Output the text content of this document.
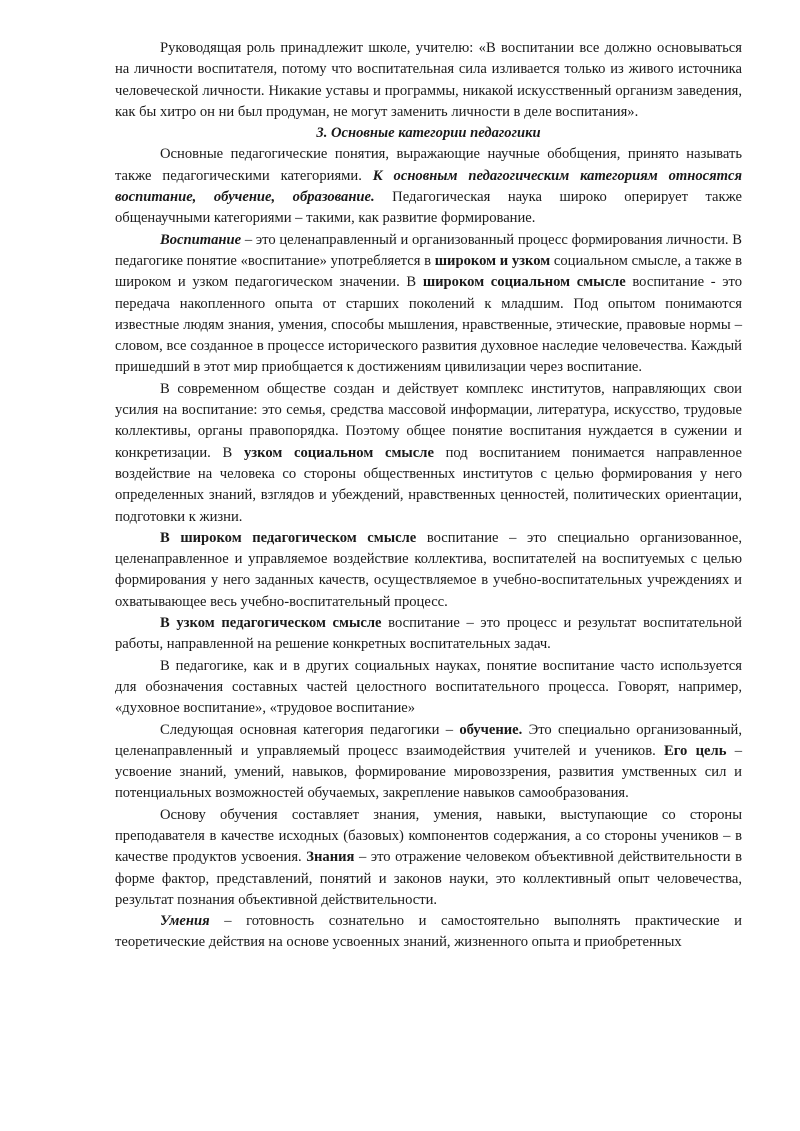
Руководящая роль принадлежит школе, учителю: «В воспитании все должно основываться на личности воспитателя, потому что воспитательная сила изливается только из живого источника человеческой личности. Никакие уставы и программы, никакой искусственный организм заведения, как бы хитро он ни был продуман, не могут заменить личности в деле воспитания».

3. Основные категории педагогики

Основные педагогические понятия, выражающие научные обобщения, принято называть также педагогическими категориями. К основным педагогическим категориям относятся воспитание, обучение, образование. Педагогическая наука широко оперирует также общенаучными категориями – такими, как развитие формирование.

Воспитание – это целенаправленный и организованный процесс формирования личности. В педагогике понятие «воспитание» употребляется в широком и узком социальном смысле, а также в широком и узком педагогическом значении. В широком социальном смысле воспитание - это передача накопленного опыта от старших поколений к младшим. Под опытом понимаются известные людям знания, умения, способы мышления, нравственные, этические, правовые нормы – словом, все созданное в процессе исторического развития духовное наследие человечества. Каждый пришедший в этот мир приобщается к достижениям цивилизации через воспитание.

В современном обществе создан и действует комплекс институтов, направляющих свои усилия на воспитание: это семья, средства массовой информации, литература, искусство, трудовые коллективы, органы правопорядка. Поэтому общее понятие воспитания нуждается в сужении и конкретизации. В узком социальном смысле под воспитанием понимается направленное воздействие на человека со стороны общественных институтов с целью формирования у него определенных знаний, взглядов и убеждений, нравственных ценностей, политических ориентации, подготовки к жизни.

В широком педагогическом смысле воспитание – это специально организованное, целенаправленное и управляемое воздействие коллектива, воспитателей на воспитуемых с целью формирования у него заданных качеств, осуществляемое в учебно-воспитательных учреждениях и охватывающее весь учебно-воспитательный процесс.

В узком педагогическом смысле воспитание – это процесс и результат воспитательной работы, направленной на решение конкретных воспитательных задач.

В педагогике, как и в других социальных науках, понятие воспитание часто используется для обозначения составных частей целостного воспитательного процесса. Говорят, например, «духовное воспитание», «трудовое воспитание»

Следующая основная категория педагогики – обучение. Это специально организованный, целенаправленный и управляемый процесс взаимодействия учителей и учеников. Его цель – усвоение знаний, умений, навыков, формирование мировоззрения, развития умственных сил и потенциальных возможностей обучаемых, закрепление навыков самообразования.

Основу обучения составляет знания, умения, навыки, выступающие со стороны преподавателя в качестве исходных (базовых) компонентов содержания, а со стороны учеников – в качестве продуктов усвоения. Знания – это отражение человеком объективной действительности в форме фактор, представлений, понятий и законов науки, это коллективный опыт человечества, результат познания объективной действительности.

Умения – готовность сознательно и самостоятельно выполнять практические и теоретические действия на основе усвоенных знаний, жизненного опыта и приобретенных
